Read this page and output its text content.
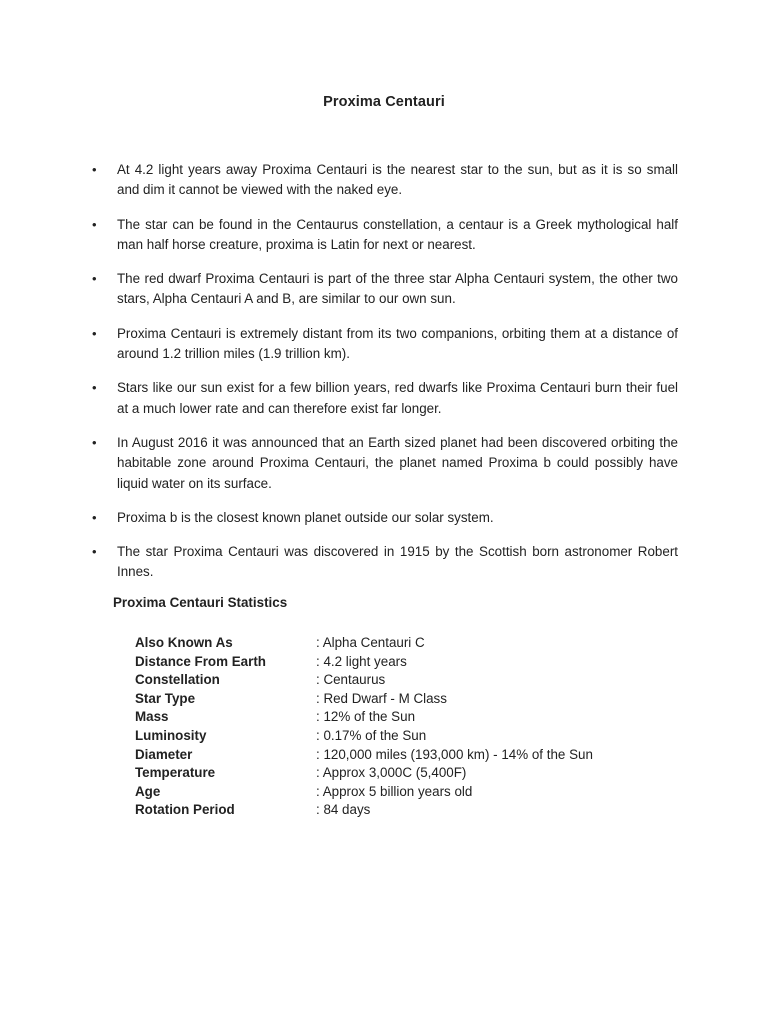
Proxima Centauri
• At 4.2 light years away Proxima Centauri is the nearest star to the sun, but as it is so small and dim it cannot be viewed with the naked eye.
• The star can be found in the Centaurus constellation, a centaur is a Greek mythological half man half horse creature, proxima is Latin for next or nearest.
• The red dwarf Proxima Centauri is part of the three star Alpha Centauri system, the other two stars, Alpha Centauri A and B, are similar to our own sun.
• Proxima Centauri is extremely distant from its two companions, orbiting them at a distance of around 1.2 trillion miles (1.9 trillion km).
• Stars like our sun exist for a few billion years, red dwarfs like Proxima Centauri burn their fuel at a much lower rate and can therefore exist far longer.
• In August 2016 it was announced that an Earth sized planet had been discovered orbiting the habitable zone around Proxima Centauri, the planet named Proxima b could possibly have liquid water on its surface.
• Proxima b is the closest known planet outside our solar system.
• The star Proxima Centauri was discovered in 1915 by the Scottish born astronomer Robert Innes.
Proxima Centauri Statistics
Also Known As	: Alpha Centauri C
Distance From Earth	: 4.2 light years
Constellation	: Centaurus
Star Type	: Red Dwarf - M Class
Mass	: 12% of the Sun
Luminosity	: 0.17% of the Sun
Diameter	: 120,000 miles (193,000 km) - 14% of the Sun
Temperature	: Approx 3,000C (5,400F)
Age	: Approx 5 billion years old
Rotation Period	: 84 days
